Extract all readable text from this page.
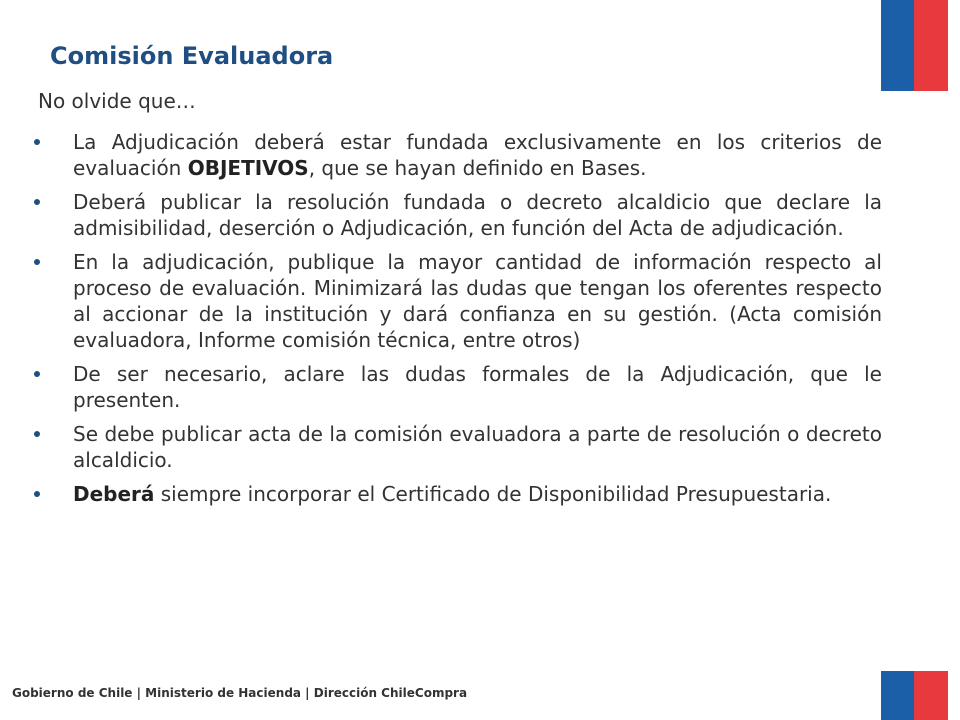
Comisión Evaluadora

No olvide que…

La Adjudicación deberá estar fundada exclusivamente en los criterios de evaluación OBJETIVOS, que se hayan definido en Bases.
Deberá publicar la resolución fundada o decreto alcaldicio que declare la admisibilidad, deserción o Adjudicación, en función del Acta de adjudicación.
En la adjudicación, publique la mayor cantidad de información respecto al proceso de evaluación. Minimizará las dudas que tengan los oferentes respecto al accionar de la institución y dará confianza en su gestión. (Acta comisión evaluadora, Informe comisión técnica, entre otros)
De ser necesario, aclare las dudas formales de la Adjudicación, que le presenten.
Se debe publicar acta de la comisión evaluadora a parte de resolución o decreto alcaldicio.
Deberá siempre incorporar el Certificado de Disponibilidad Presupuestaria.
Gobierno de Chile | Ministerio de Hacienda | Dirección ChileCompra
